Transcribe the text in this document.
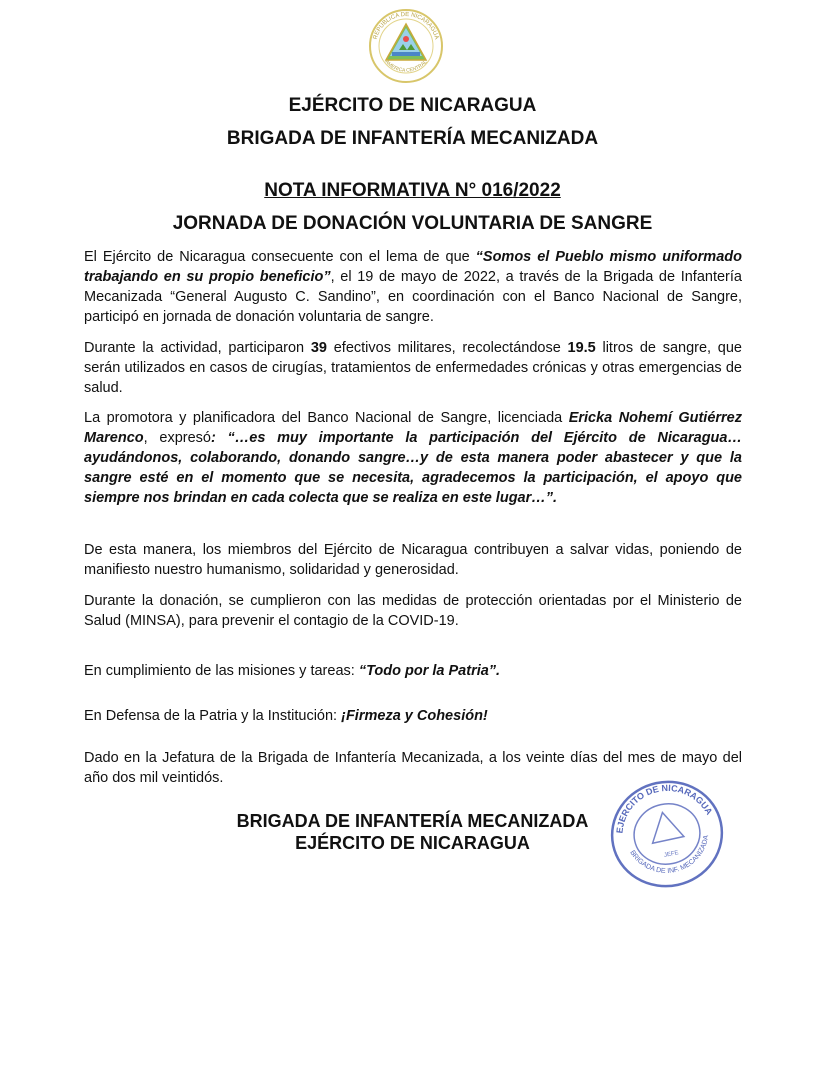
REPUBLICA DE NICARAGUA
AMERICA CENTRAL
EJÉRCITO DE NICARAGUA
BRIGADA DE INFANTERÍA MECANIZADA
NOTA INFORMATIVA N° 016/2022
JORNADA DE DONACIÓN VOLUNTARIA DE SANGRE

El Ejército de Nicaragua consecuente con el lema de que “Somos el Pueblo mismo uniformado trabajando en su propio beneficio”, el 19 de mayo de 2022, a través de la Brigada de Infantería Mecanizada “General Augusto C. Sandino”, en coordinación con el Banco Nacional de Sangre, participó en jornada de donación voluntaria de sangre.

Durante la actividad, participaron 39 efectivos militares, recolectándose 19.5 litros de sangre, que serán utilizados en casos de cirugías, tratamientos de enfermedades crónicas y otras emergencias de salud.

La promotora y planificadora del Banco Nacional de Sangre, licenciada Ericka Nohemí Gutiérrez Marenco, expresó: “…es muy importante la participación del Ejército de Nicaragua…ayudándonos, colaborando, donando sangre…y de esta manera poder abastecer y que la sangre esté en el momento que se necesita, agradecemos la participación, el apoyo que siempre nos brindan en cada colecta que se realiza en este lugar…”.

De esta manera, los miembros del Ejército de Nicaragua contribuyen a salvar vidas, poniendo de manifiesto nuestro humanismo, solidaridad y generosidad.

Durante la donación, se cumplieron con las medidas de protección orientadas por el Ministerio de Salud (MINSA), para prevenir el contagio de la COVID-19.

En cumplimiento de las misiones y tareas: “Todo por la Patria”.

En Defensa de la Patria y la Institución: ¡Firmeza y Cohesión!

Dado en la Jefatura de la Brigada de Infantería Mecanizada, a los veinte días del mes de mayo del año dos mil veintidós.

BRIGADA DE INFANTERÍA MECANIZADA
EJÉRCITO DE NICARAGUA
EJERCITO DE NICARAGUA
JEFE
BRIGADA DE INF. MECANIZADA
